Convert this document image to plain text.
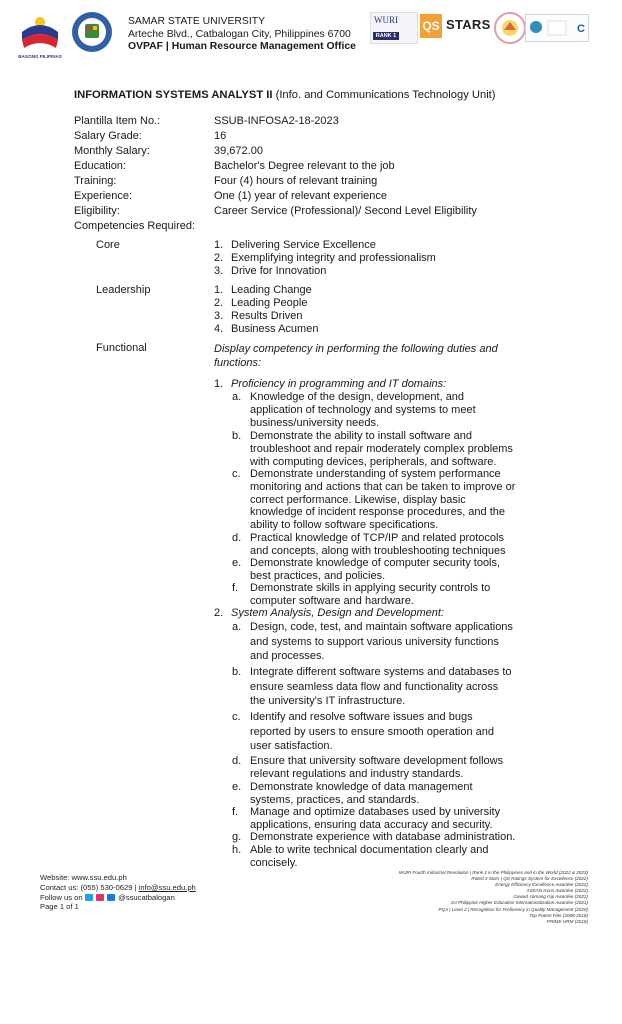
BAGONG PILIPINAS
SAMAR STATE UNIVERSITY
Arteche Blvd., Catbalogan City, Philippines 6700
OVPAF | Human Resource Management Office
WURI
RANK 1
QS STARS	C
INFORMATION SYSTEMS ANALYST II (Info. and Communications Technology Unit)
Plantilla Item No.:	SSUB-INFOSA2-18-2023
Salary Grade:	16
Monthly Salary:	39,672.00
Education:	Bachelor's Degree relevant to the job
Training:	Four (4) hours of relevant training
Experience:	One (1) year of relevant experience
Eligibility:	Career Service (Professional)/ Second Level Eligibility
Competencies Required:
Core	1. Delivering Service Excellence
2. Exemplifying integrity and professionalism
3. Drive for Innovation
Leadership	1. Leading Change
2. Leading People
3. Results Driven
4. Business Acumen
Functional	Display competency in performing the following duties and
functions:
1. Proficiency in programming and IT domains:
a. Knowledge of the design, development, and
application of technology and systems to meet
business/university needs.
b. Demonstrate the ability to install software and
troubleshoot and repair moderately complex problems
with computing devices, peripherals, and software.
c. Demonstrate understanding of system performance
monitoring and actions that can be taken to improve or
correct performance. Likewise, display basic
knowledge of incident response procedures, and the
ability to follow software specifications.
d. Practical knowledge of TCP/IP and related protocols
and concepts, along with troubleshooting techniques
e. Demonstrate knowledge of computer security tools,
best practices, and policies.
f. Demonstrate skills in applying security controls to
computer software and hardware.
2. System Analysis, Design and Development:
a. Design, code, test, and maintain software applications
and systems to support various university functions
and processes.
b. Integrate different software systems and databases to
ensure seamless data flow and functionality across
the university's IT infrastructure.
c. Identify and resolve software issues and bugs
reported by users to ensure smooth operation and
user satisfaction.
d. Ensure that university software development follows
relevant regulations and industry standards.
e. Demonstrate knowledge of data management
systems, practices, and standards.
f. Manage and optimize databases used by university
applications, ensuring data accuracy and security.
g. Demonstrate experience with database administration.
h. Able to write technical documentation clearly and
concisely.
Website: www.ssu.edu.ph
Contact us: (055) 530-0629 | info@ssu.edu.ph
Follow us on	@ssucatbalogan
Page 1 of 1
WURI Fourth Industrial Revolution | Rank 1 in the Philippines and in the World (2022 & 2023)
Rated 3 Stars | QS Ratings System for Excellence (2022)
Energy Efficiency Excellence Awardee (2022)
ASEAN Icons Awardee (2022)
Gawad Yamang Isip Awardee (2022)
1st Philippine Higher Education Internationalization Awardee (2021)
PQA | Level 2 | Recognition for Proficiency in Quality Management (2020)
Top Patent Filer (2008-2018)
PRIME-HRM (2018)
